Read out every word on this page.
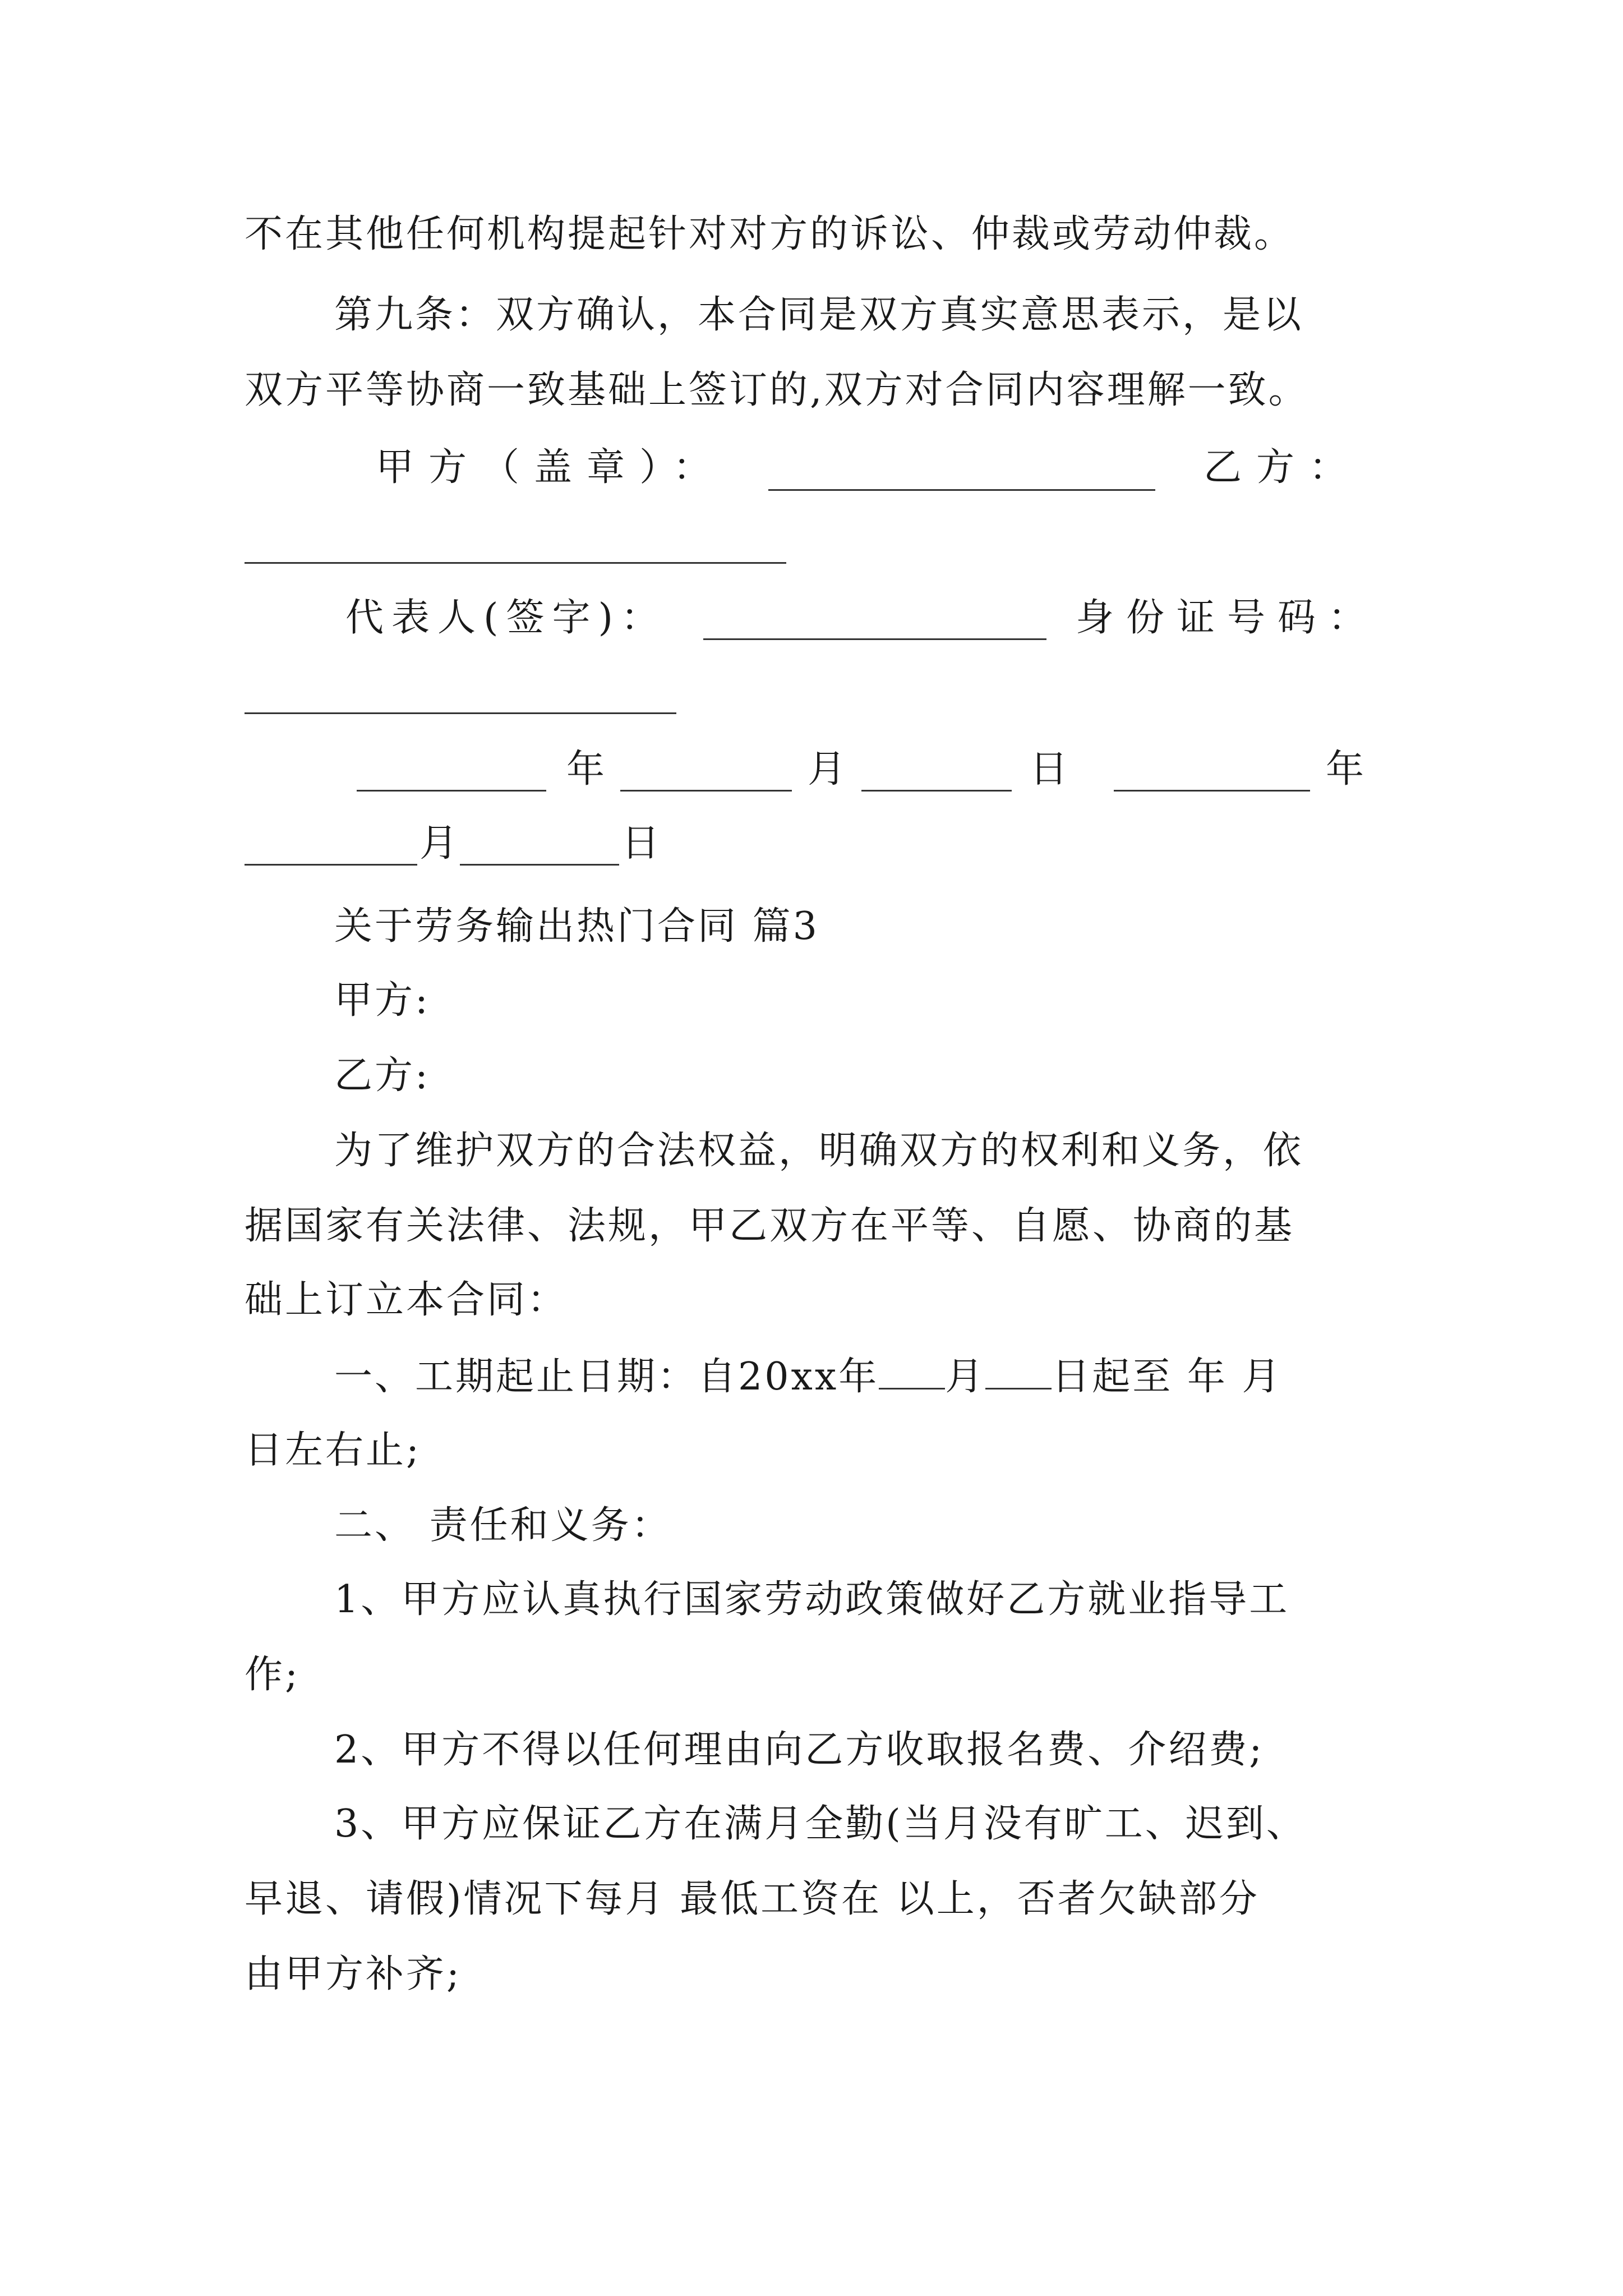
不在其他任何机构提起针对对方的诉讼、仲裁或劳动仲裁。
第九条：双方确认，本合同是双方真实意思表示，是以
双方平等协商一致基础上签订的,双方对合同内容理解一致。
甲方（盖章）：	乙方：
代表人(签字)：	身份证号码：
年	月	日	年
月	日
关于劳务输出热门合同 篇3
甲方:
乙方:
为了维护双方的合法权益，明确双方的权利和义务，依
据国家有关法律、法规，甲乙双方在平等、自愿、协商的基
础上订立本合同：
一、工期起止日期：自20xx年 月 日起至 年 月
日左右止;
二、 责任和义务：
1、甲方应认真执行国家劳动政策做好乙方就业指导工
作;
2、甲方不得以任何理由向乙方收取报名费、介绍费;
3、甲方应保证乙方在满月全勤(当月没有旷工、迟到、
早退、请假)情况下每月 最低工资在 以上，否者欠缺部分
由甲方补齐;
